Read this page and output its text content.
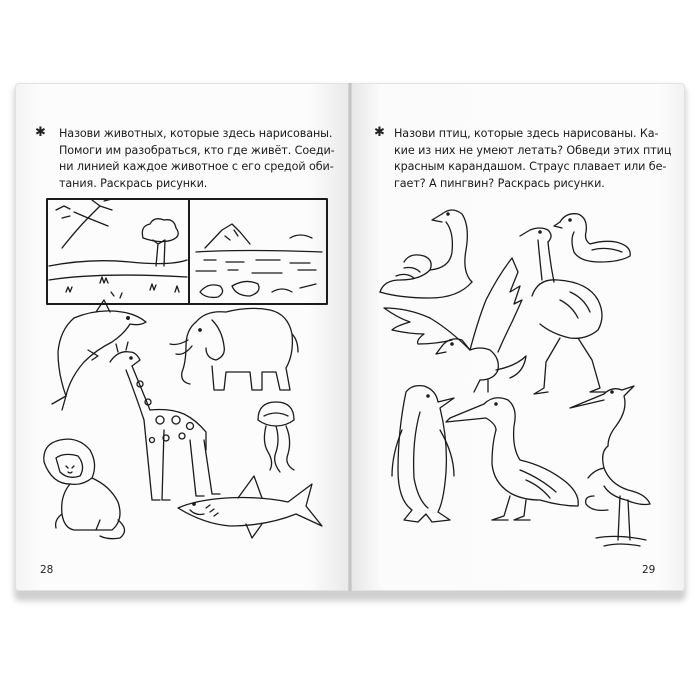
✱ Назови животных, которые здесь нарисованы.
Помоги им разобраться, кто где живёт. Соеди-
ни линией каждое животное с его средой оби-
тания. Раскрась рисунки.
✱ Назови птиц, которые здесь нарисованы. Ка-
кие из них не умеют летать? Обведи этих птиц
красным карандашом. Страус плавает или бе-
гает? А пингвин? Раскрась рисунки.
28	29
